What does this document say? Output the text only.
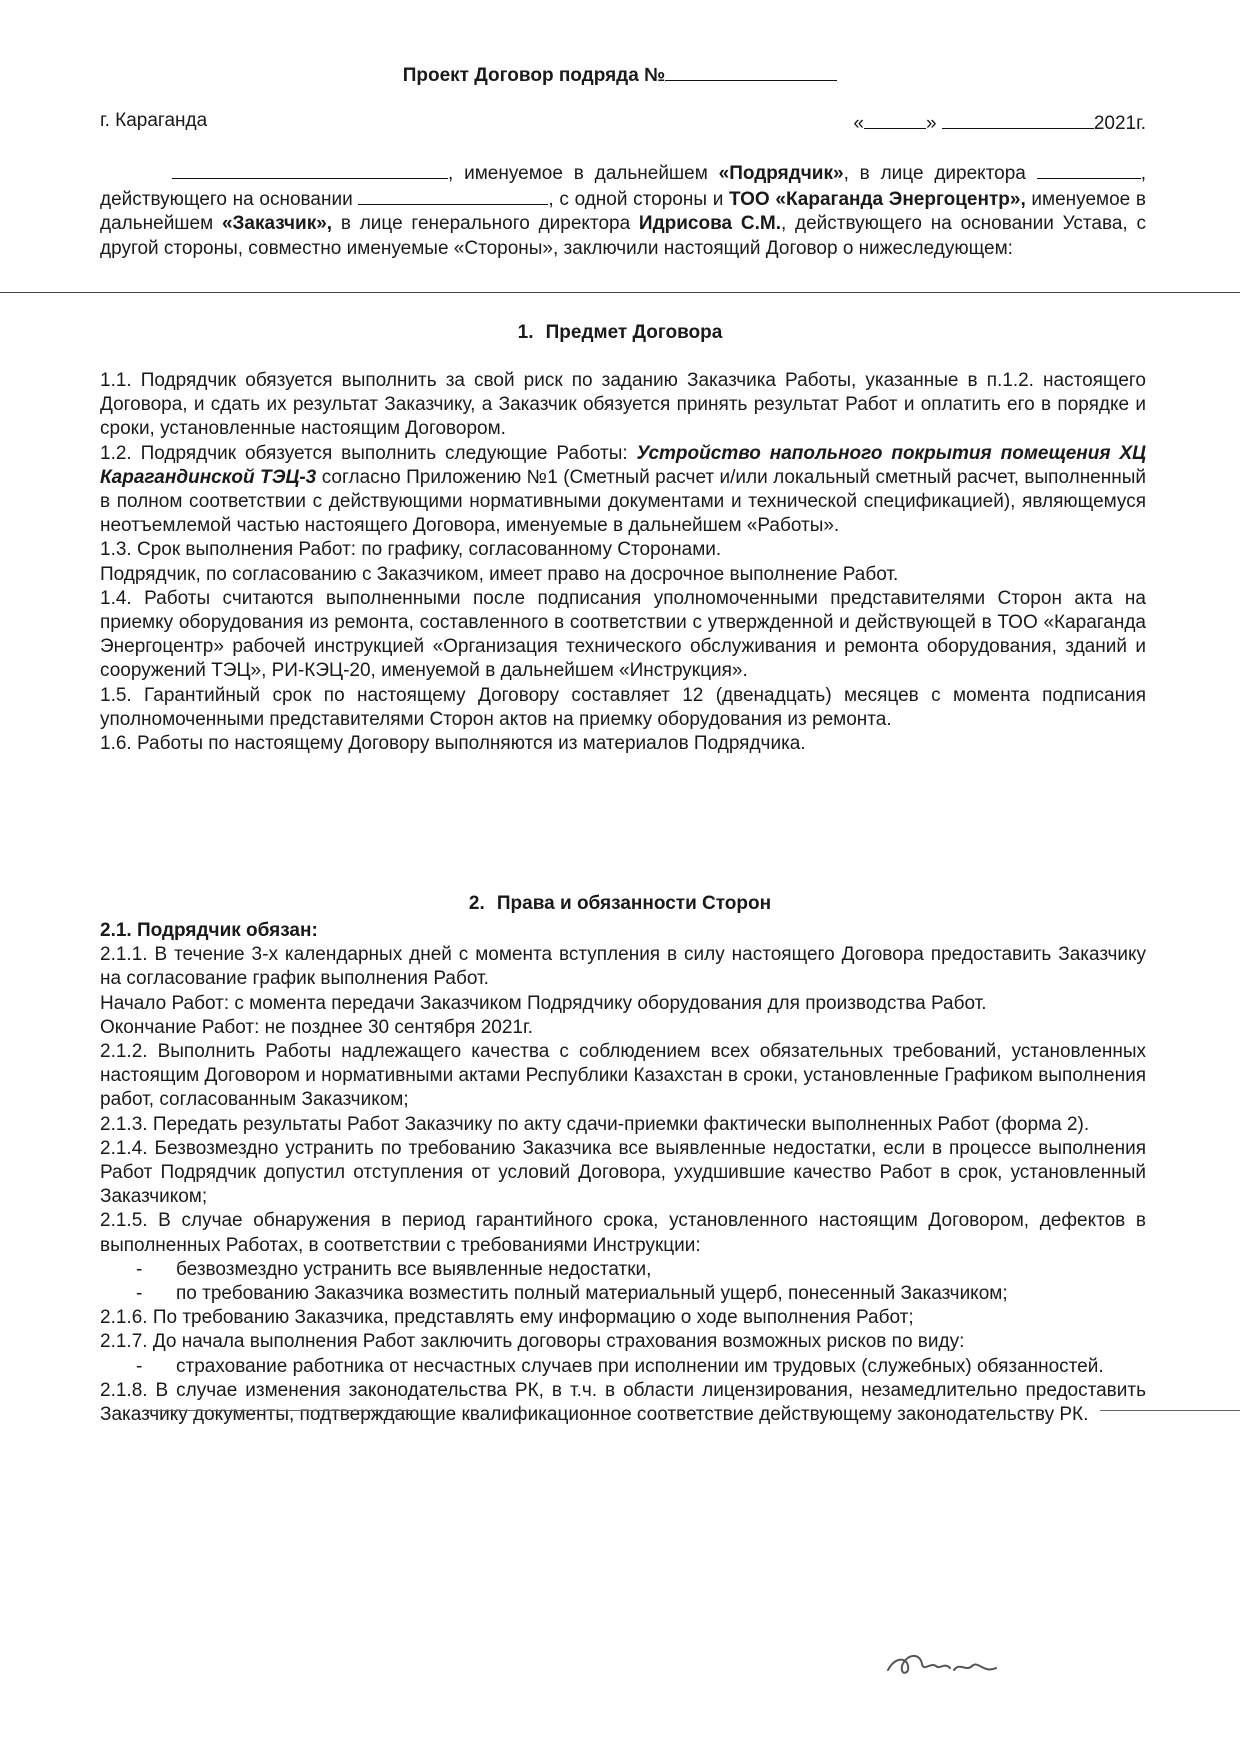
Проект Договор подряда №
г. Караганда	«	»	2021г.

, именуемое в дальнейшем «Подрядчик», в лице директора	, действующего на основании	, с одной стороны и ТОО «Караганда Энергоцентр», именуемое в дальнейшем «Заказчик», в лице генерального директора Идрисова С.М., действующего на основании Устава, с другой стороны, совместно именуемые «Стороны», заключили настоящий Договор о нижеследующем:

1. Предмет Договора

1.1. Подрядчик обязуется выполнить за свой риск по заданию Заказчика Работы, указанные в п.1.2. настоящего Договора, и сдать их результат Заказчику, а Заказчик обязуется принять результат Работ и оплатить его в порядке и сроки, установленные настоящим Договором.

1.2. Подрядчик обязуется выполнить следующие Работы: Устройство напольного покрытия помещения ХЦ Карагандинской ТЭЦ-3 согласно Приложению №1 (Сметный расчет и/или локальный сметный расчет, выполненный в полном соответствии с действующими нормативными документами и технической спецификацией), являющемуся неотъемлемой частью настоящего Договора, именуемые в дальнейшем «Работы».

1.3. Срок выполнения Работ: по графику, согласованному Сторонами.

Подрядчик, по согласованию с Заказчиком, имеет право на досрочное выполнение Работ.

1.4. Работы считаются выполненными после подписания уполномоченными представителями Сторон акта на приемку оборудования из ремонта, составленного в соответствии с утвержденной и действующей в ТОО «Караганда Энергоцентр» рабочей инструкцией «Организация технического обслуживания и ремонта оборудования, зданий и сооружений ТЭЦ», РИ-КЭЦ-20, именуемой в дальнейшем «Инструкция».

1.5. Гарантийный срок по настоящему Договору составляет 12 (двенадцать) месяцев с момента подписания уполномоченными представителями Сторон актов на приемку оборудования из ремонта.

1.6. Работы по настоящему Договору выполняются из материалов Подрядчика.

2. Права и обязанности Сторон

2.1. Подрядчик обязан:

2.1.1. В течение 3-х календарных дней с момента вступления в силу настоящего Договора предоставить Заказчику на согласование график выполнения Работ.

Начало Работ: с момента передачи Заказчиком Подрядчику оборудования для производства Работ.

Окончание Работ: не позднее 30 сентября 2021г.

2.1.2. Выполнить Работы надлежащего качества с соблюдением всех обязательных требований, установленных настоящим Договором и нормативными актами Республики Казахстан в сроки, установленные Графиком выполнения работ, согласованным Заказчиком;

2.1.3. Передать результаты Работ Заказчику по акту сдачи-приемки фактически выполненных Работ (форма 2).

2.1.4. Безвозмездно устранить по требованию Заказчика все выявленные недостатки, если в процессе выполнения Работ Подрядчик допустил отступления от условий Договора, ухудшившие качество Работ в срок, установленный Заказчиком;

2.1.5. В случае обнаружения в период гарантийного срока, установленного настоящим Договором, дефектов в выполненных Работах, в соответствии с требованиями Инструкции:

- безвозмездно устранить все выявленные недостатки,

- по требованию Заказчика возместить полный материальный ущерб, понесенный Заказчиком;

2.1.6. По требованию Заказчика, представлять ему информацию о ходе выполнения Работ;

2.1.7. До начала выполнения Работ заключить договоры страхования возможных рисков по виду:

- страхование работника от несчастных случаев при исполнении им трудовых (служебных) обязанностей.

2.1.8. В случае изменения законодательства РК, в т.ч. в области лицензирования, незамедлительно предоставить Заказчику документы, подтверждающие квалификационное соответствие действующему законодательству РК.
